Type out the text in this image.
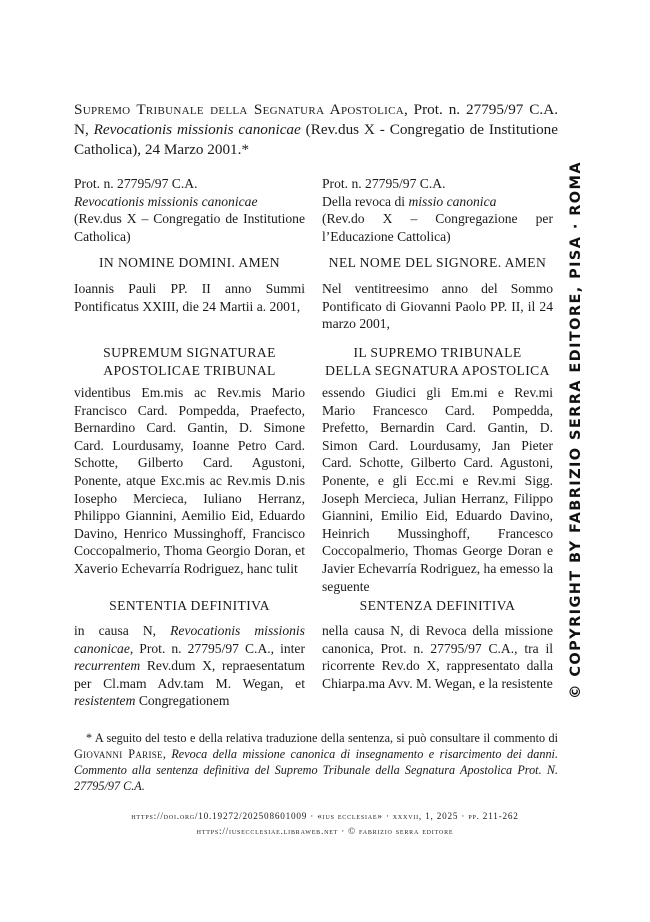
Supremo Tribunale della Segnatura Apostolica, Prot. n. 27795/97 C.A. N, Revocationis missionis canonicae (Rev.dus X - Congregatio de Institutione Catholica), 24 Marzo 2001.*
Prot. n. 27795/97 C.A.
Revocationis missionis canonicae
(Rev.dus X – Congregatio de Institutione Catholica)
IN NOMINE DOMINI. AMEN
Ioannis Pauli PP. II anno Summi Pontificatus XXIII, die 24 Martii a. 2001,
SUPREMUM SIGNATURAE
APOSTOLICAE TRIBUNAL
videntibus Em.mis ac Rev.mis Mario Francisco Card. Pompedda, Praefecto, Bernardino Card. Gantin, D. Simone Card. Lourdusamy, Ioanne Petro Card. Schotte, Gilberto Card. Agustoni, Ponente, atque Exc.mis ac Rev.mis D.nis Iosepho Mercieca, Iuliano Herranz, Philippo Giannini, Aemilio Eid, Eduardo Davino, Henrico Mussinghoff, Francisco Coccopalmerio, Thoma Georgio Doran, et Xaverio Echevarría Rodriguez, hanc tulit
SENTENTIA DEFINITIVA
in causa N, Revocationis missionis canonicae, Prot. n. 27795/97 C.A., inter recurrentem Rev.dum X, repraesentatum per Cl.mam Adv.tam M. Wegan, et resistentem Congregationem
Prot. n. 27795/97 C.A.
Della revoca di missio canonica
(Rev.do X – Congregazione per l’Educazione Cattolica)
NEL NOME DEL SIGNORE. AMEN
Nel ventitreesimo anno del Sommo Pontificato di Giovanni Paolo PP. II, il 24 marzo 2001,
IL SUPREMO TRIBUNALE
DELLA SEGNATURA APOSTOLICA
essendo Giudici gli Em.mi e Rev.mi Mario Francesco Card. Pompedda, Prefetto, Bernardin Card. Gantin, D. Simon Card. Lourdusamy, Jan Pieter Card. Schotte, Gilberto Card. Agustoni, Ponente, e gli Ecc.mi e Rev.mi Sigg. Joseph Mercieca, Julian Herranz, Filippo Giannini, Emilio Eid, Eduardo Davino, Heinrich Mussinghoff, Francesco Coccopalmerio, Thomas George Doran e Javier Echevarría Rodriguez, ha emesso la seguente
SENTENZA DEFINITIVA
nella causa N, di Revoca della missione canonica, Prot. n. 27795/97 C.A., tra il ricorrente Rev.do X, rappresentato dalla Chiarpa.ma Avv. M. Wegan, e la resistente
* A seguito del testo e della relativa traduzione della sentenza, si può consultare il commento di Giovanni Parise, Revoca della missione canonica di insegnamento e risarcimento dei danni. Commento alla sentenza definitiva del Supremo Tribunale della Segnatura Apostolica Prot. N. 27795/97 C.A.
https://doi.org/10.19272/202508601009 · «ius ecclesiae» · xxxvii, 1, 2025 · pp. 211-262
https://iusecclesiae.libraweb.net · © fabrizio serra editore
© COPYRIGHT BY FABRIZIO SERRA EDITORE, PISA · ROMA
